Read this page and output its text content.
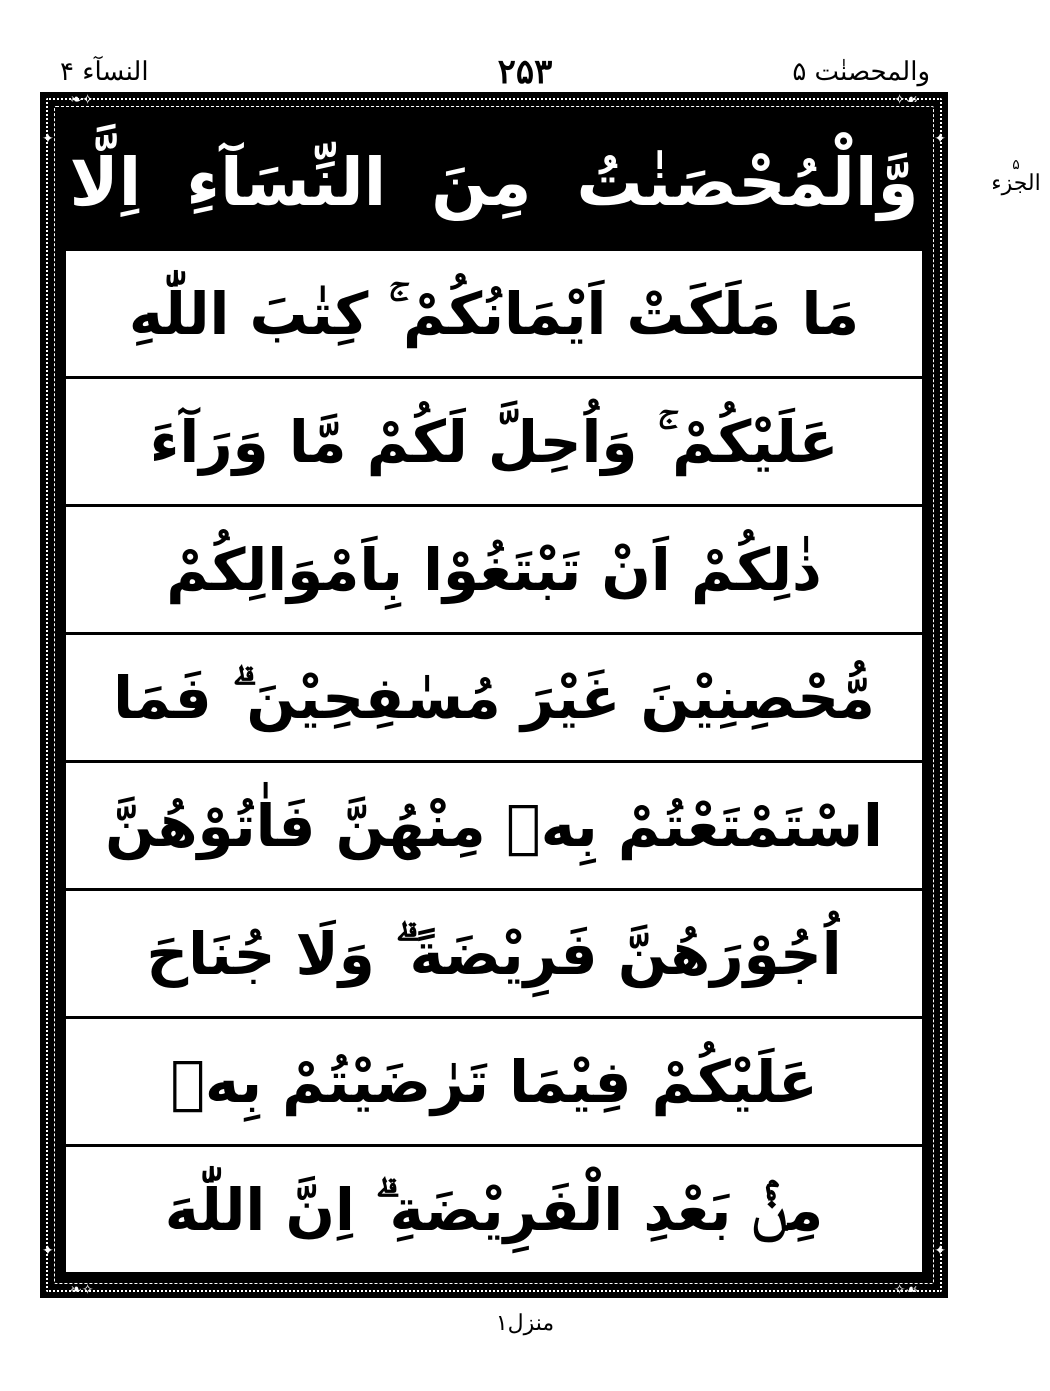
النسآء ۴	۲۵۳	والمحصنٰت ۵
۵
الجزء
❧✧	✧☙
❧✧	✧☙
✦
✦
✦
✦
وَّالْمُحْصَنٰتُ مِنَ النِّسَآءِ اِلَّا
مَا مَلَكَتْ اَيْمَانُكُمْ ۚ كِتٰبَ اللّٰهِ
عَلَيْكُمْ ۚ وَاُحِلَّ لَكُمْ مَّا وَرَآءَ
ذٰلِكُمْ اَنْ تَبْتَغُوْا بِاَمْوَالِكُمْ
مُّحْصِنِيْنَ غَيْرَ مُسٰفِحِيْنَ ۗ فَمَا
اسْتَمْتَعْتُمْ بِهٖ مِنْهُنَّ فَاٰتُوْهُنَّ
اُجُوْرَهُنَّ فَرِيْضَةً ۗ وَلَا جُنَاحَ
عَلَيْكُمْ فِيْمَا تَرٰضَيْتُمْ بِهٖ
مِنْۢ بَعْدِ الْفَرِيْضَةِ ۗ اِنَّ اللّٰهَ
منزل۱
